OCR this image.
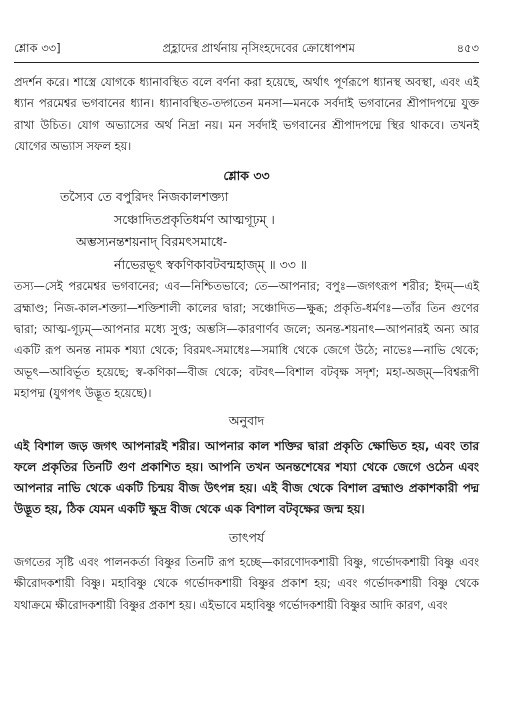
শ্লোক ৩৩]	প্রহ্লাদের প্রার্থনায় নৃসিংহদেবের ক্রোধোপশম	৪৫৩

প্রদর্শন করে। শাস্ত্রে যোগকে ধ্যানাবস্থিত বলে বর্ণনা করা হয়েছে, অর্থাৎ পূর্ণরূপে ধ্যানস্থ অবস্থা, এবং এই ধ্যান পরমেশ্বর ভগবানের ধ্যান। ধ্যানাবস্থিত-তদ্গতেন মনসা—মনকে সর্বদাই ভগবানের শ্রীপাদপদ্মে যুক্ত রাখা উচিত। যোগ অভ্যাসের অর্থ নিদ্রা নয়। মন সর্বদাই ভগবানের শ্রীপাদপদ্মে স্থির থাকবে। তখনই যোগের অভ্যাস সফল হয়।

শ্লোক ৩৩

তস্যৈব তে বপুরিদং নিজকালশক্ত্যা

সঞ্চোদিতপ্রকৃতিধর্মণ আত্মগূঢ়ম্ ।

অম্ভস্যনন্তশয়নাদ্ বিরমৎসমাধে-

র্নাভেরভূৎ স্বকণিকাবটবন্মহাজ্ম্ ॥ ৩৩ ॥

তস্য—সেই পরমেশ্বর ভগবানের; এব—নিশ্চিতভাবে; তে—আপনার; বপুঃ—জগৎরূপ শরীর; ইদম্—এই ব্রহ্মাণ্ড; নিজ-কাল-শক্ত্যা—শক্তিশালী কালের দ্বারা; সঞ্চোদিত—ক্ষুব্ধ; প্রকৃতি-ধর্মণঃ—তাঁর তিন গুণের দ্বারা; আত্ম-গূঢ়ম্—আপনার মধ্যে সুপ্ত; অম্ভসি—কারণার্ণব জলে; অনন্ত-শয়নাৎ—আপনারই অন্য আর একটি রূপ অনন্ত নামক শয্যা থেকে; বিরমৎ-সমাধেঃ—সমাধি থেকে জেগে উঠে; নাভেঃ—নাভি থেকে; অভূৎ—আবির্ভূত হয়েছে; স্ব-কণিকা—বীজ থেকে; বটবৎ—বিশাল বটবৃক্ষ সদৃশ; মহা-অজ্ম্—বিশ্বরূপী মহাপদ্ম (যুগপৎ উদ্ভূত হয়েছে)।

অনুবাদ

এই বিশাল জড় জগৎ আপনারই শরীর। আপনার কাল শক্তির দ্বারা প্রকৃতি ক্ষোভিত হয়, এবং তার ফলে প্রকৃতির তিনটি গুণ প্রকাশিত হয়। আপনি তখন অনন্তশেষের শয্যা থেকে জেগে ওঠেন এবং আপনার নাভি থেকে একটি চিন্ময় বীজ উৎপন্ন হয়। এই বীজ থেকে বিশাল ব্রহ্মাণ্ড প্রকাশকারী পদ্ম উদ্ভূত হয়, ঠিক যেমন একটি ক্ষুদ্র বীজ থেকে এক বিশাল বটবৃক্ষের জন্ম হয়।

তাৎপর্য

জগতের সৃষ্টি এবং পালনকর্তা বিষ্ণুর তিনটি রূপ হচ্ছে—কারণোদকশায়ী বিষ্ণু, গর্ভোদকশায়ী বিষ্ণু এবং ক্ষীরোদকশায়ী বিষ্ণু। মহাবিষ্ণু থেকে গর্ভোদকশায়ী বিষ্ণুর প্রকাশ হয়; এবং গর্ভোদকশায়ী বিষ্ণু থেকে যথাক্রমে ক্ষীরোদকশায়ী বিষ্ণুর প্রকাশ হয়। এইভাবে মহাবিষ্ণু গর্ভোদকশায়ী বিষ্ণুর আদি কারণ, এবং
